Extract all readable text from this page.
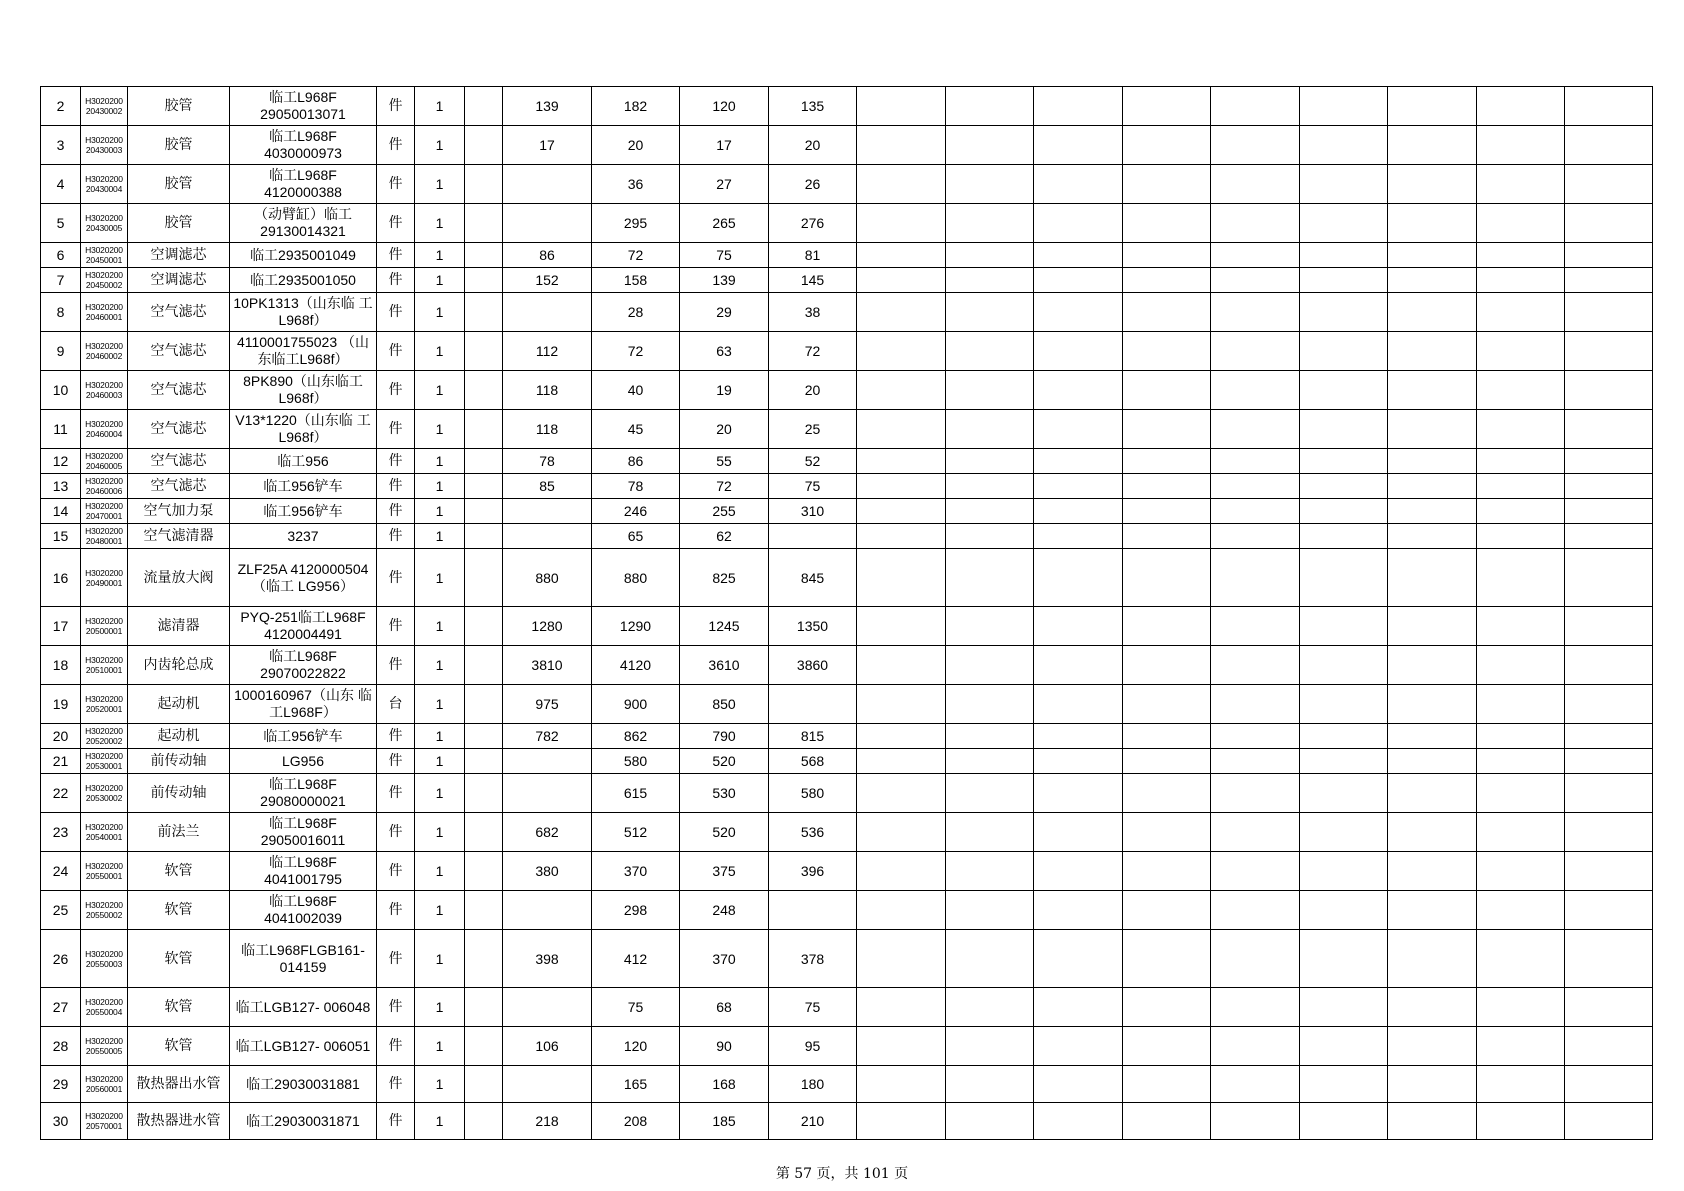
2	H3020200 20430002	胶管	临工L968F 29050013071	件	1		139	182	120	135									
3	H3020200 20430003	胶管	临工L968F 4030000973	件	1		17	20	17	20									
4	H3020200 20430004	胶管	临工L968F 4120000388	件	1			36	27	26									
5	H3020200 20430005	胶管	（动臂缸）临工 29130014321	件	1			295	265	276									
6	H3020200 20450001	空调滤芯	临工2935001049	件	1		86	72	75	81									
7	H3020200 20450002	空调滤芯	临工2935001050	件	1		152	158	139	145									
8	H3020200 20460001	空气滤芯	10PK1313（山东临 工L968f）	件	1			28	29	38									
9	H3020200 20460002	空气滤芯	4110001755023 （山东临工L968f）	件	1		112	72	63	72									
10	H3020200 20460003	空气滤芯	8PK890（山东临工 L968f）	件	1		118	40	19	20									
11	H3020200 20460004	空气滤芯	V13*1220（山东临 工L968f）	件	1		118	45	20	25									
12	H3020200 20460005	空气滤芯	临工956	件	1		78	86	55	52									
13	H3020200 20460006	空气滤芯	临工956铲车	件	1		85	78	72	75									
14	H3020200 20470001	空气加力泵	临工956铲车	件	1			246	255	310									
15	H3020200 20480001	空气滤清器	3237	件	1			65	62										
16	H3020200 20490001	流量放大阀	ZLF25A 4120000504（临工 LG956）	件	1		880	880	825	845									
17	H3020200 20500001	滤清器	PYQ-251临工L968F 4120004491	件	1		1280	1290	1245	1350									
18	H3020200 20510001	内齿轮总成	临工L968F 29070022822	件	1		3810	4120	3610	3860									
19	H3020200 20520001	起动机	1000160967（山东 临工L968F）	台	1		975	900	850										
20	H3020200 20520002	起动机	临工956铲车	件	1		782	862	790	815									
21	H3020200 20530001	前传动轴	LG956	件	1			580	520	568									
22	H3020200 20530002	前传动轴	临工L968F 29080000021	件	1			615	530	580									
23	H3020200 20540001	前法兰	临工L968F 29050016011	件	1		682	512	520	536									
24	H3020200 20550001	软管	临工L968F 4041001795	件	1		380	370	375	396									
25	H3020200 20550002	软管	临工L968F 4041002039	件	1			298	248										
26	H3020200 20550003	软管	临工L968FLGB161- 014159	件	1		398	412	370	378									
27	H3020200 20550004	软管	临工LGB127- 006048	件	1			75	68	75									
28	H3020200 20550005	软管	临工LGB127- 006051	件	1		106	120	90	95									
29	H3020200 20560001	散热器出水管	临工29030031881	件	1			165	168	180									
30	H3020200 20570001	散热器进水管	临工29030031871	件	1		218	208	185	210									
第 57 页，共 101 页
